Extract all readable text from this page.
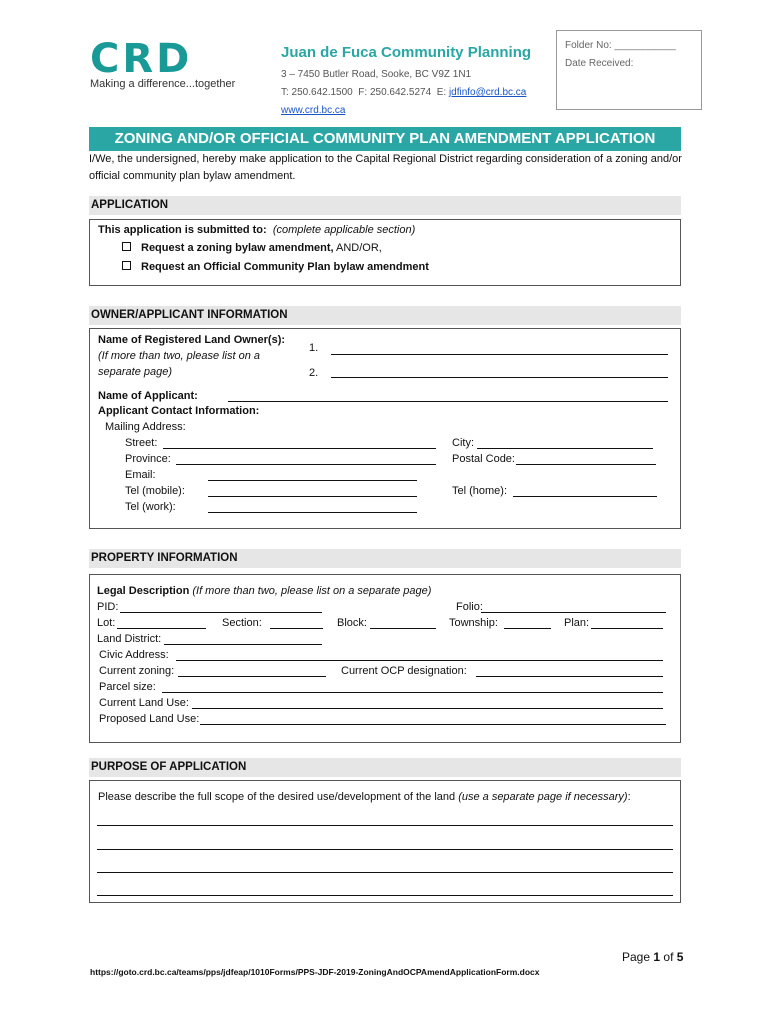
CRD
Making a difference...together
Juan de Fuca Community Planning
3 – 7450 Butler Road, Sooke, BC V9Z 1N1
T: 250.642.1500 F: 250.642.5274 E: jdfinfo@crd.bc.ca
www.crd.bc.ca
Folder No: ___________
Date Received:
ZONING AND/OR OFFICIAL COMMUNITY PLAN AMENDMENT APPLICATION
I/We, the undersigned, hereby make application to the Capital Regional District regarding consideration of a zoning and/or official community plan bylaw amendment.
APPLICATION
This application is submitted to: (complete applicable section)
Request a zoning bylaw amendment, AND/OR,
Request an Official Community Plan bylaw amendment
OWNER/APPLICANT INFORMATION
Name of Registered Land Owner(s):
(If more than two, please list on a
separate page)
1.
2.
Name of Applicant:
Applicant Contact Information:
Mailing Address:
Street:	City:
Province:	Postal Code:
Email:
Tel (mobile):	Tel (home):
Tel (work):
PROPERTY INFORMATION
Legal Description (If more than two, please list on a separate page)
PID:	Folio:
Lot:	Section:	Block:	Township:	Plan:
Land District:
Civic Address:
Current zoning:	Current OCP designation:
Parcel size:
Current Land Use:
Proposed Land Use:
PURPOSE OF APPLICATION
Please describe the full scope of the desired use/development of the land (use a separate page if necessary):
Page 1 of 5
https://goto.crd.bc.ca/teams/pps/jdfeap/1010Forms/PPS-JDF-2019-ZoningAndOCPAmendApplicationForm.docx
